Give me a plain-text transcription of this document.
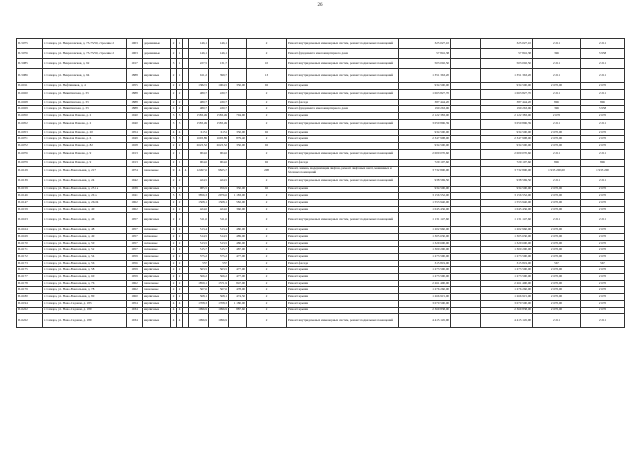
26
П-5075	г. Самара, ул. Некрасовская, д. 73-75/50, строение 2	1903	деревянные	2	1		146,1	146,1		2	Ремонт внутридомовых инженерных систем, ремонт подвальных помещений	325 027,10		325 027,10	2 211	2 211
П-5076	г. Самара, ул. Некрасовская, д. 73-75/50, строение 2	1903	деревянные	2	1		146,1	146,1		2	Ремонт фундамента многоквартирного дома	57 816,38		57 816,38	396	3 958
П-5085	г. Самара, ул. Некрасовская, д. 92	1917	кирпичные	3	1		227,5	131,7		10	Ремонт внутридомовых инженерных систем, ремонт подвальных помещений	503 002,50		503 002,50	2 211	2 211
П-5086	г. Самара, ул. Некрасовская, д. 94	1888	кирпичные	2	1		611,2	399,7		13	Ремонт внутридомовых инженерных систем, ремонт подвальных помещений	1 351 363,20		1 351 363,20	2 211	2 211
П-6011	г. Самара, ул. Нефтяников, д. 4	1955	кирпичные	2	2		1382,5	1004,5	350,00	92	Ремонт крыши	934 500,00		934 500,00	2 670,00	2 670
П-6020	г. Самара, ул. Никитинская, д. 33	1888	кирпичные	2	2		480,7	430,7		2	Ремонт внутридомовых инженерных систем, ремонт подвальных помещений	1 063 827,70		1 063 827,70	2 211	2 211
П-6028	г. Самара, ул. Никитинская, д. 33	1888	кирпичные	2	2		480,7	430,7		2	Ремонт фасада	387 444,20		387 444,20	806	806
П-6029	г. Самара, ул. Никитинская, д. 33	1888	кирпичные	2	2		480,7	430,7		2	Ремонт фундамента многоквартирного дома	190 263,06		190 263,06	396	3 958
П-6050	г. Самара, ул. Николая Панова, д. 2	1940	кирпичные	3	3		1583,49	1583,49	794,90	2	Ремонт крыши	2 122 383,00		2 122 383,00	2 670	2 670
П-6052	г. Самара, ул. Николая Панова, д. 2	1940	кирпичные	3	3		1583,49	1583,49		2	Ремонт внутридомовых инженерных систем, ремонт подвальных помещений	3 050 896,39		3 050 896,39	2 211	2 211
П-6053	г. Самара, ул. Николая Панова, д. 20	1954	кирпичные	4	4		6151	6151	350,00	92	Ремонт крыши	934 500,00		934 500,00	2 670,00	2 670
П-6071	г. Самара, ул. Николая Панова, д. 6	1949	кирпичные	3	3		1693,89	1693,89	879,40	2	Ремонт крыши	2 347 998,00		2 347 998,00	2 670,00	2 670
П-6072	г. Самара, ул. Николая Панова, д. 82	1928	кирпичные	2	2		2623,52	2623,52	350,00	92	Ремонт крыши	934 500,00		934 500,00	2 670,00	2 670
П-6076	г. Самара, ул. Николая Панова, д. 9	1913	кирпичные	2	1		904,6	904,6		2	Ремонт внутридомовых инженерных систем, ремонт подвальных помещений	2 000 070,60		2 000 070,60	2 211	2 211
П-6079	г. Самара, ул. Николая Панова, д. 9	1913	кирпичные	2	1		904,6	904,6		92	Ремонт фасада	729 107,60		729 107,60	806	806
П-6129	г. Самара, ул. Ново-Вокзальная, д. 217	1974	панельные	9	4	4	12497,6	9825,7		208	Ремонт, замена, модернизация лифтов, ремонт лифтовых шахт, машинных и блочных помещений	3 732 800,00		3 732 800,00	1 933 200,00	1 933 200
П-6139	г. Самара, ул. Ново-Вокзальная, д. 24	1942	кирпичные	2	2		424,5	424,5		2	Ремонт внутридомовых инженерных систем, ремонт подвальных помещений	938 569,50		938 569,50	2 211	2 211
П-6159	г. Самара, ул. Ново-Вокзальная, д. 251 а	1939	кирпичные	3	2		985,5	956,9	350,00	92	Ремонт крыши	934 500,00		934 500,00	2 670,00	2 670
П-6146	г. Самара, ул. Ново-Вокзальная, д. 26 а	1941	кирпичные	5	3		3856,3	2976,6	1 183,00	2	Ремонт крыши	3 156 552,00		3 156 552,00	2 670,00	2 670
П-6147	г. Самара, ул. Ново-Вокзальная, д. 26/24	1962	кирпичные	2	2		1508,1	1508,1	582,00	2	Ремонт крыши	1 553 940,00		1 553 940,00	2 670,00	2 670
П-6159	г. Самара, ул. Ново-Вокзальная, д. 40	1962	панельные	2	2		424,6	424,6	360,00	2	Ремонт крыши	1 045 436,00		1 045 436,00	2 670,00	2 670
П-6163	г. Самара, ул. Ново-Вокзальная, д. 46	1957	кирпичные	2	2		511,6	511,6		2	Ремонт внутридомовых инженерных систем, ремонт подвальных помещений	1 131 147,60		1 131 147,60	2 211	2 211
П-6164	г. Самара, ул. Ново-Вокзальная, д. 48	1957	шлаковые	2	2		513,4	513,4	480,00	2	Ремонт крыши	1 202 960,00		1 202 960,00	2 670,00	2 670
П-6169	г. Самара, ул. Ново-Вокзальная, д. 49	1957	шлаковые	2	2		514,5	514,5	489,00	2	Ремонт крыши	1 305 630,00		1 305 630,00	2 670,00	2 670
П-6170	г. Самара, ул. Ново-Вокзальная, д. 50	1957	шлаковые	2	2		513,5	513,5	480,00	2	Ремонт крыши	1 329 600,00		1 329 600,00	2 670,00	2 670
П-6171	г. Самара, ул. Ново-Вокзальная, д. 52	1957	шлаковые	2	2		515,7	515,7	487,00	2	Ремонт крыши	1 300 290,00		1 300 290,00	2 670,00	2 670
П-6172	г. Самара, ул. Ново-Вокзальная, д. 54	1959	панельные	2	2		575,2	575,2	477,00	2	Ремонт крыши	1 273 590,00		1 273 590,00	2 670,00	2 670
П-6173	г. Самара, ул. Ново-Вокзальная, д. 56	1956	кирпичные	2	2		557	557		2	Ремонт фасада	315 819,00		315 819,00	567	567
П-6175	г. Самара, ул. Ново-Вокзальная, д. 58	1959	кирпичные	2	2		563,5	563,5	477,00	2	Ремонт крыши	1 273 590,00		1 273 590,00	2 670,00	2 670
П-6177	г. Самара, ул. Ново-Вокзальная, д. 60	1959	кирпичные	2	2		566,2	566,2	477,00	2	Ремонт крыши	1 273 590,00		1 273 590,00	2 670,00	2 670
П-6178	г. Самара, ул. Ново-Вокзальная, д. 76	1962	панельные	2	2		1859,1	1571,9	847,00	2	Ремонт крыши	2 261 490,00		2 261 490,00	2 670,00	2 670
П-6179	г. Самара, ул. Ново-Вокзальная, д. 78	1962	панельные	2	2		567,6	567,6	478,00	2	Ремонт крыши	1 276 260,00		1 276 260,00	2 670,00	2 670
П-6180	г. Самара, ул. Ново-Вокзальная, д. 80	1960	кирпичные	2	2		568,1	568,1	474,50	2	Ремонт крыши	1 266 915,00		1 266 915,00	2 670,00	2 670
П-6194	г. Самара, ул. Ново-Садовая, д. 183	1954	кирпичные	4	4		1708,3	1708,3	1 180,00	2	Ремонт крыши	3 070 500,00		3 070 500,00	2 670,00	2 670
П-6222	г. Самара, ул. Ново-Садовая, д. 189	1934	кирпичные	4	4		1996,9	1996,9	887,60	2	Ремонт крыши	2 369 838,00		2 369 838,00	2 670,00	2 670
П-6222	г. Самара, ул. Ново-Садовая, д. 189	1934	кирпичные	4	4		1996,9	1996,9		2	Ремонт внутридомовых инженерных систем, ремонт подвальных помещений	4 415 145,90		4 415 145,90	2 211	2 211
